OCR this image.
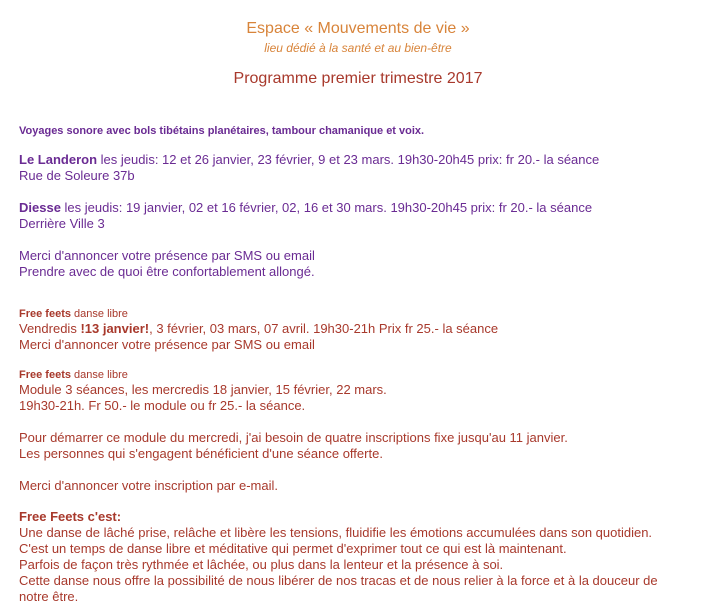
Espace « Mouvements de vie »
lieu dédié à la santé et au bien-être
Programme premier trimestre 2017
Voyages sonore avec bols tibétains planétaires, tambour chamanique et voix.
Le Landeron les jeudis: 12 et 26 janvier, 23 février, 9 et 23 mars. 19h30-20h45 prix: fr 20.- la séance
Rue de Soleure 37b
Diesse les jeudis: 19 janvier, 02 et 16 février, 02, 16 et 30 mars. 19h30-20h45 prix: fr 20.- la séance
Derrière Ville 3
Merci d'annoncer votre présence par SMS ou email
Prendre avec de quoi être confortablement allongé.
Free feets danse libre
Vendredis !13 janvier!, 3 février, 03 mars, 07 avril. 19h30-21h Prix fr 25.- la séance
Merci d'annoncer votre présence par SMS ou email
Free feets danse libre
Module 3 séances, les mercredis 18 janvier, 15 février, 22 mars.
19h30-21h. Fr 50.- le module ou fr 25.- la séance.
Pour démarrer ce module du mercredi, j'ai besoin de quatre inscriptions fixe jusqu'au 11 janvier.
Les personnes qui s'engagent bénéficient d'une séance offerte.
Merci d'annoncer votre inscription par e-mail.
Free Feets c'est:
Une danse de lâché prise, relâche et libère les tensions, fluidifie les émotions accumulées dans son quotidien.
C'est un temps de danse libre et méditative qui permet d'exprimer tout ce qui est là maintenant.
Parfois de façon très rythmée et lâchée, ou plus dans la lenteur et la présence à soi.
Cette danse nous offre la possibilité de nous libérer de nos tracas et de nous relier à la force et à la douceur de
notre être.
